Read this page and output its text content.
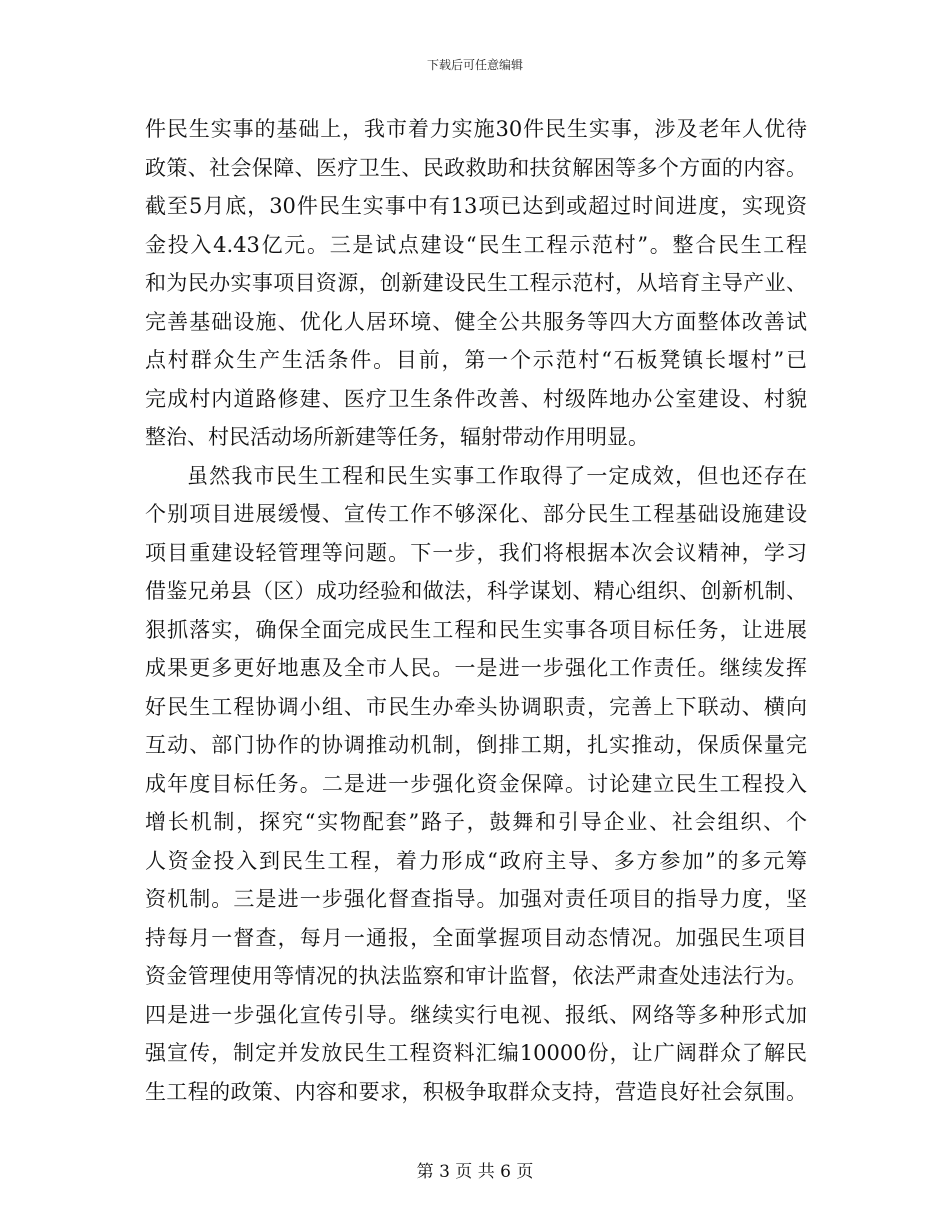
下载后可任意编辑
件民生实事的基础上，我市着力实施30件民生实事，涉及老年人优待
政策、社会保障、医疗卫生、民政救助和扶贫解困等多个方面的内容。
截至5月底，30件民生实事中有13项已达到或超过时间进度，实现资
金投入4.43亿元。三是试点建设“民生工程示范村”。整合民生工程
和为民办实事项目资源，创新建设民生工程示范村，从培育主导产业、
完善基础设施、优化人居环境、健全公共服务等四大方面整体改善试
点村群众生产生活条件。目前，第一个示范村“石板凳镇长堰村”已
完成村内道路修建、医疗卫生条件改善、村级阵地办公室建设、村貌
整治、村民活动场所新建等任务，辐射带动作用明显。
虽然我市民生工程和民生实事工作取得了一定成效，但也还存在
个别项目进展缓慢、宣传工作不够深化、部分民生工程基础设施建设
项目重建设轻管理等问题。下一步，我们将根据本次会议精神，学习
借鉴兄弟县（区）成功经验和做法，科学谋划、精心组织、创新机制、
狠抓落实，确保全面完成民生工程和民生实事各项目标任务，让进展
成果更多更好地惠及全市人民。一是进一步强化工作责任。继续发挥
好民生工程协调小组、市民生办牵头协调职责，完善上下联动、横向
互动、部门协作的协调推动机制，倒排工期，扎实推动，保质保量完
成年度目标任务。二是进一步强化资金保障。讨论建立民生工程投入
增长机制，探究“实物配套”路子，鼓舞和引导企业、社会组织、个
人资金投入到民生工程，着力形成“政府主导、多方参加”的多元筹
资机制。三是进一步强化督查指导。加强对责任项目的指导力度，坚
持每月一督查，每月一通报，全面掌握项目动态情况。加强民生项目
资金管理使用等情况的执法监察和审计监督，依法严肃查处违法行为。
四是进一步强化宣传引导。继续实行电视、报纸、网络等多种形式加
强宣传，制定并发放民生工程资料汇编10000份，让广阔群众了解民
生工程的政策、内容和要求，积极争取群众支持，营造良好社会氛围。
第 3 页 共 6 页
